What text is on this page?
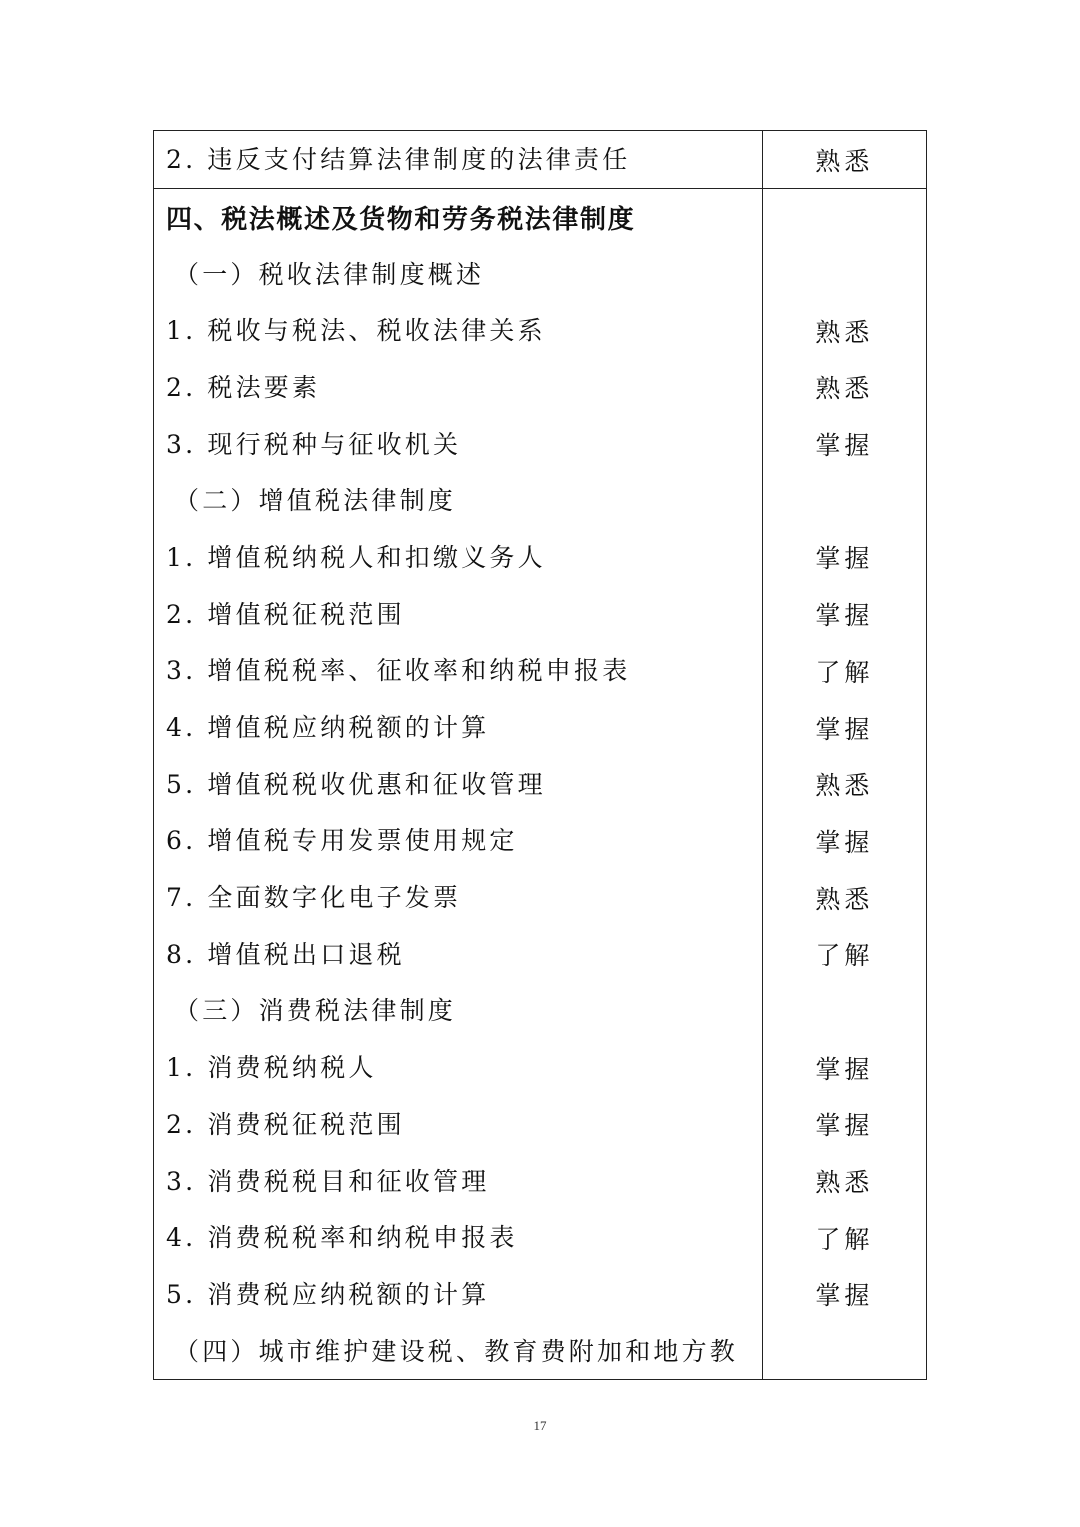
2. 违反支付结算法律制度的法律责任	熟悉
四、税法概述及货物和劳务税法律制度	
（一）税收法律制度概述	
1. 税收与税法、税收法律关系	熟悉
2. 税法要素	熟悉
3. 现行税种与征收机关	掌握
（二）增值税法律制度	
1. 增值税纳税人和扣缴义务人	掌握
2. 增值税征税范围	掌握
3. 增值税税率、征收率和纳税申报表	了解
4. 增值税应纳税额的计算	掌握
5. 增值税税收优惠和征收管理	熟悉
6. 增值税专用发票使用规定	掌握
7. 全面数字化电子发票	熟悉
8. 增值税出口退税	了解
（三）消费税法律制度	
1. 消费税纳税人	掌握
2. 消费税征税范围	掌握
3. 消费税税目和征收管理	熟悉
4. 消费税税率和纳税申报表	了解
5. 消费税应纳税额的计算	掌握
（四）城市维护建设税、教育费附加和地方教	
17
